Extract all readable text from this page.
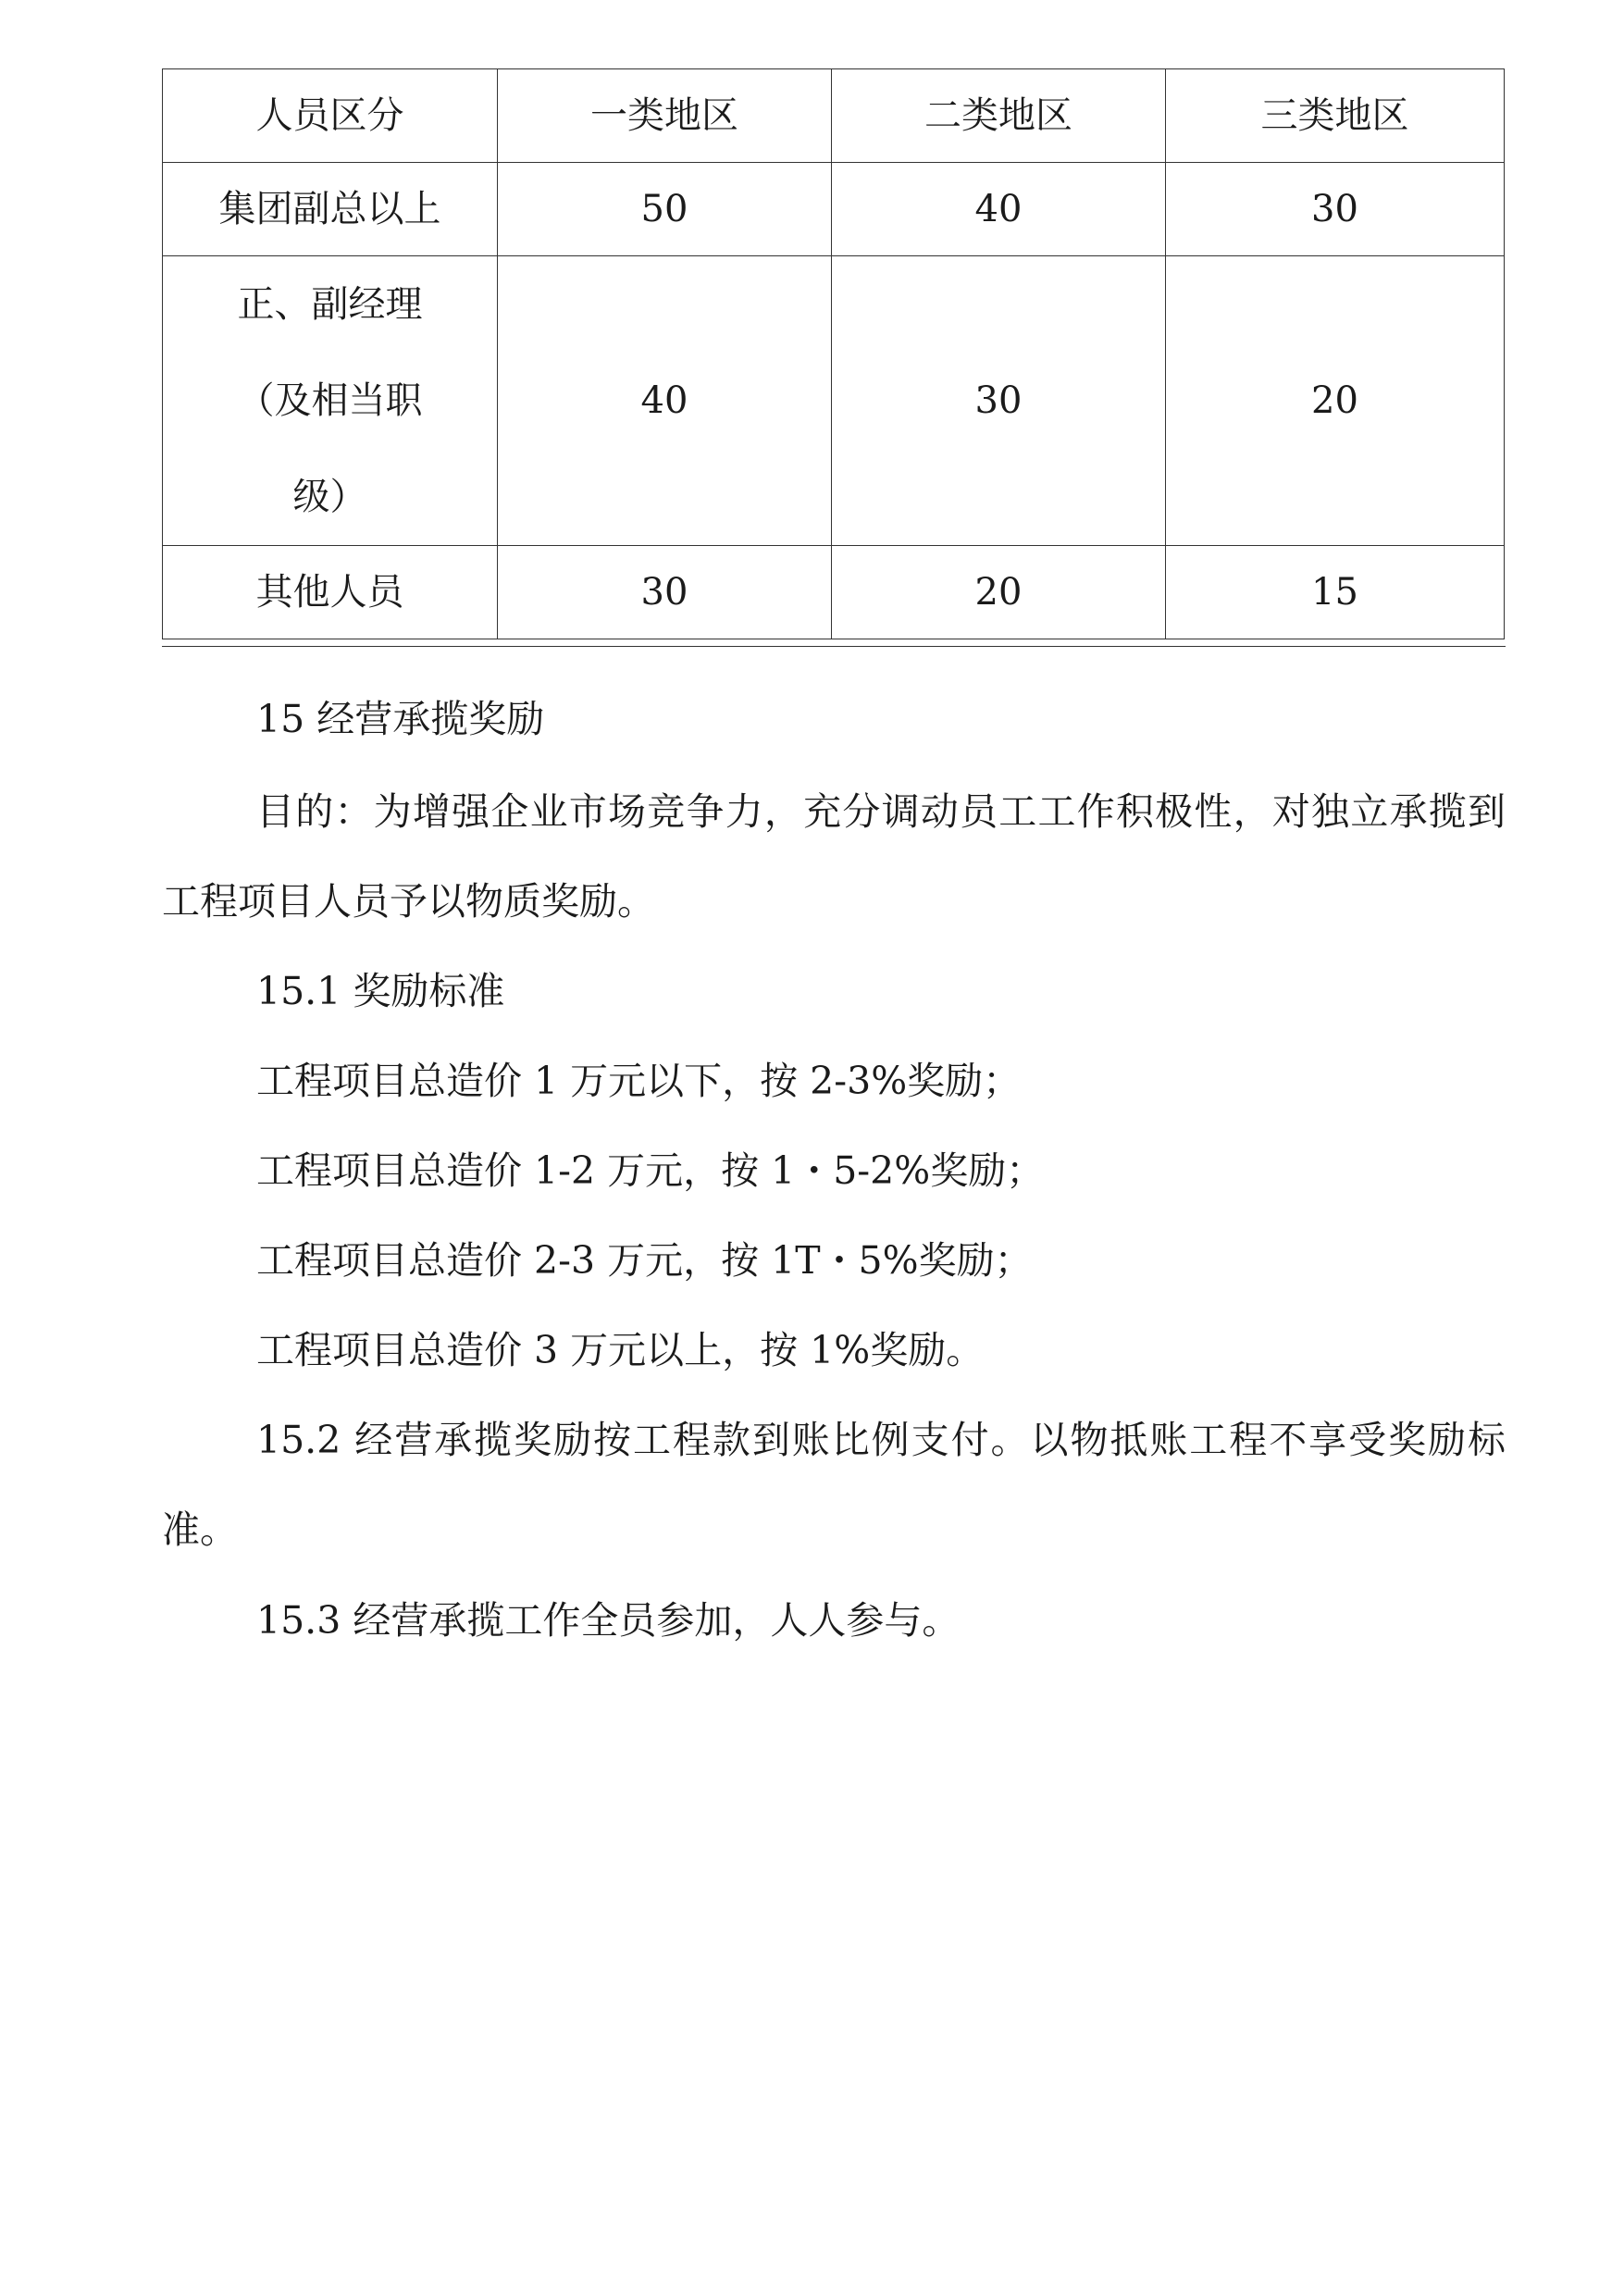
人员区分	一类地区	二类地区	三类地区
集团副总以上	50	40	30

正、副经理
（及相当职
级）	40	30	20
其他人员	30	20	15

15 经营承揽奖励

目的：为增强企业市场竞争力，充分调动员工工作积极性，对独立承揽到工程项目人员予以物质奖励。

15.1 奖励标准

工程项目总造价 1 万元以下，按 2-3%奖励；

工程项目总造价 1-2 万元，按 1・5-2%奖励；

工程项目总造价 2-3 万元，按 1T・5%奖励；

工程项目总造价 3 万元以上，按 1%奖励。

15.2 经营承揽奖励按工程款到账比例支付。以物抵账工程不享受奖励标准。

15.3 经营承揽工作全员参加，人人参与。
